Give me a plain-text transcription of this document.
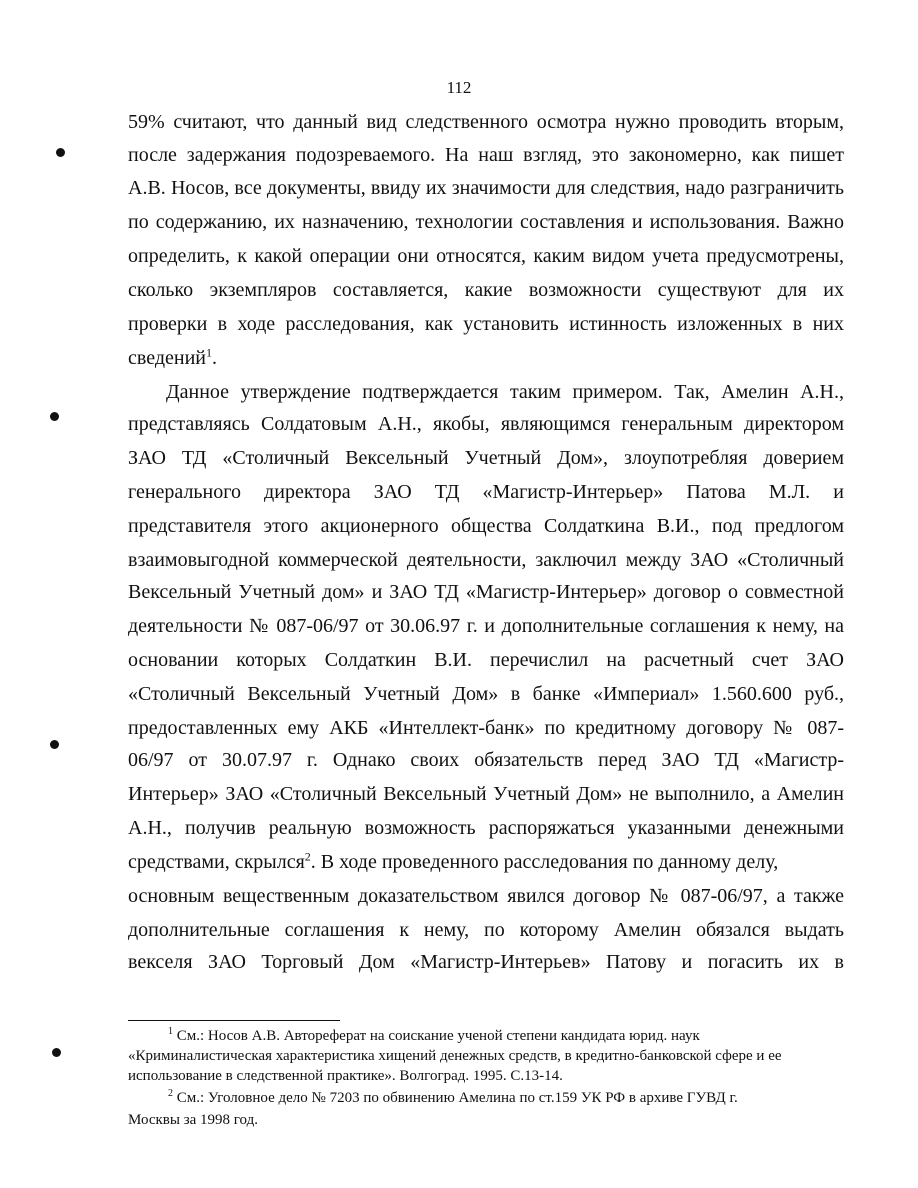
112
59% считают, что данный вид следственного осмотра нужно проводить вторым,
после задержания подозреваемого. На наш взгляд, это закономерно, как пишет
А.В. Носов, все документы, ввиду их значимости для следствия, надо разграничить
по содержанию, их назначению, технологии составления и использования. Важно
определить, к какой операции они относятся, каким видом учета предусмотрены,
сколько экземпляров составляется, какие возможности существуют для их
проверки в ходе расследования, как установить истинность изложенных в них
сведений$^1$.
Данное утверждение подтверждается таким примером. Так, Амелин А.Н.,
представляясь Солдатовым А.Н., якобы, являющимся генеральным директором
ЗАО ТД «Столичный Вексельный Учетный Дом», злоупотребляя доверием
генерального директора ЗАО ТД «Магистр-Интерьер» Патова М.Л. и
представителя этого акционерного общества Солдаткина В.И., под предлогом
взаимовыгодной коммерческой деятельности, заключил между ЗАО «Столичный
Вексельный Учетный дом» и ЗАО ТД «Магистр-Интерьер» договор о совместной
деятельности № 087-06/97 от 30.06.97 г. и дополнительные соглашения к нему, на
основании которых Солдаткин В.И. перечислил на расчетный счет ЗАО
«Столичный Вексельный Учетный Дом» в банке «Империал» 1.560.600 руб.,
предоставленных ему АКБ «Интеллект-банк» по кредитному договору № 087-
06/97 от 30.07.97 г. Однако своих обязательств перед ЗАО ТД «Магистр-
Интерьер» ЗАО «Столичный Вексельный Учетный Дом» не выполнило, а Амелин
А.Н., получив реальную возможность распоряжаться указанными денежными
средствами, скрылся$^2$. В ходе проведенного расследования по данному делу,
основным вещественным доказательством явился договор № 087-06/97, а также
дополнительные соглашения к нему, по которому Амелин обязался выдать
векселя ЗАО Торговый Дом «Магистр-Интерьев» Патову и погасить их в
$^1$ См.: Носов А.В. Автореферат на соискание ученой степени кандидата юрид. наук
«Криминалистическая характеристика хищений денежных средств, в кредитно-банковской сфере и ее
использование в следственной практике». Волгоград. 1995. С.13-14.
$^2$ См.: Уголовное дело № 7203 по обвинению Амелина по ст.159 УК РФ в архиве ГУВД г.
Москвы за 1998 год.
